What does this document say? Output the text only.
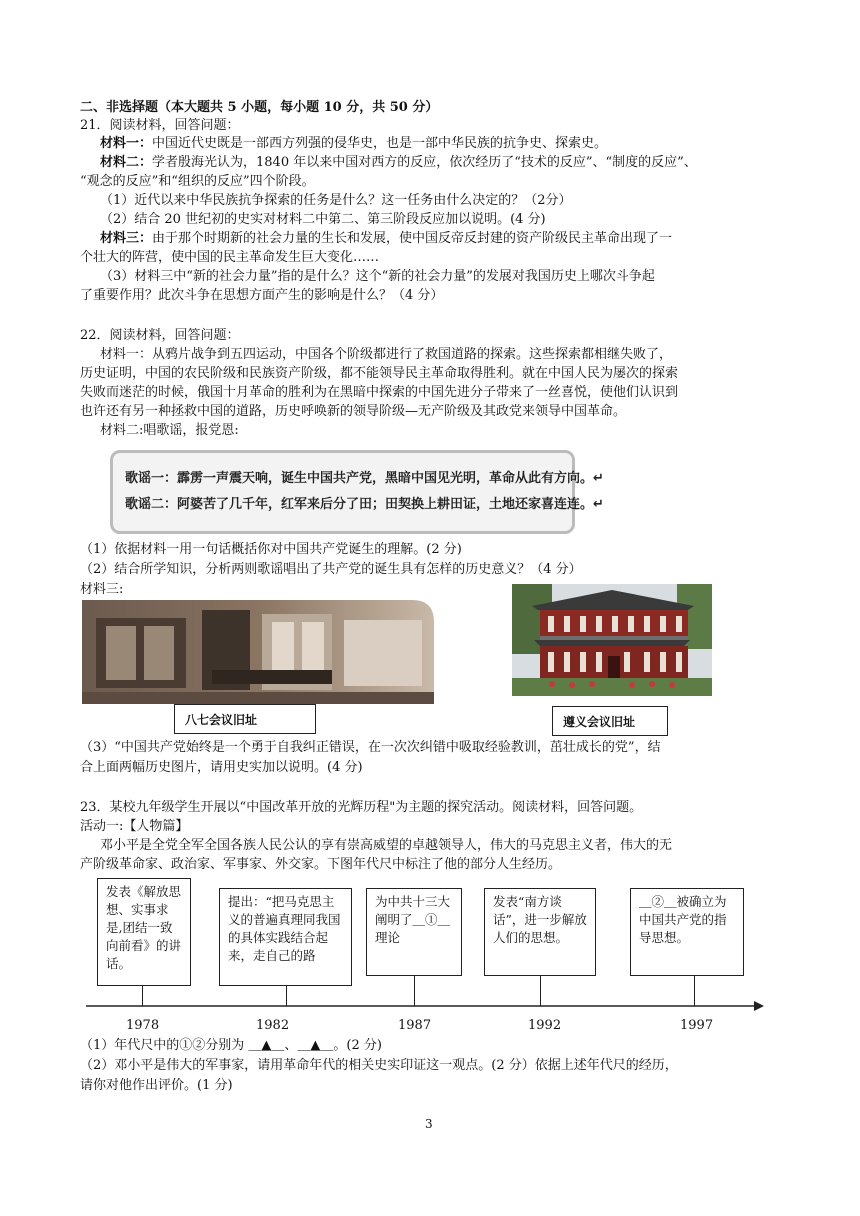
二、非选择题（本大题共 5 小题，每小题 10 分，共 50 分）
21．阅读材料，回答问题：
材料一：中国近代史既是一部西方列强的侵华史，也是一部中华民族的抗争史、探索史。
材料二：学者殷海光认为，1840 年以来中国对西方的反应，依次经历了“技术的反应”、“制度的反应”、
“观念的反应”和“组织的反应”四个阶段。
（1）近代以来中华民族抗争探索的任务是什么？这一任务由什么决定的？（2分）
（2）结合 20 世纪初的史实对材料二中第二、第三阶段反应加以说明。(4 分)
材料三：由于那个时期新的社会力量的生长和发展，使中国反帝反封建的资产阶级民主革命出现了一
个壮大的阵营，使中国的民主革命发生巨大变化……
（3）材料三中“新的社会力量”指的是什么？这个“新的社会力量”的发展对我国历史上哪次斗争起
了重要作用？此次斗争在思想方面产生的影响是什么？（4 分）
22．阅读材料，回答问题：
材料一：从鸦片战争到五四运动，中国各个阶级都进行了救国道路的探索。这些探索都相继失败了，
历史证明，中国的农民阶级和民族资产阶级，都不能领导民主革命取得胜利。就在中国人民为屡次的探索
失败而迷茫的时候，俄国十月革命的胜利为在黑暗中探索的中国先进分子带来了一丝喜悦，使他们认识到
也许还有另一种拯救中国的道路，历史呼唤新的领导阶级—无产阶级及其政党来领导中国革命。
材料二:唱歌谣，报党恩:
歌谣一：霹雳一声震天响，诞生中国共产党，黑暗中国见光明，革命从此有方向。↵
歌谣二：阿婆苦了几千年，红军来后分了田；田契换上耕田证，土地还家喜连连。↵
（1）依据材料一用一句话概括你对中国共产党诞生的理解。(2 分)
（2）结合所学知识，分析两则歌谣唱出了共产党的诞生具有怎样的历史意义？（4 分）
材料三:
八七会议旧址	遵义会议旧址
（3）“中国共产党始终是一个勇于自我纠正错误，在一次次纠错中吸取经验教训，茁壮成长的党”，结
合上面两幅历史图片，请用史实加以说明。(4 分)
23．某校九年级学生开展以“中国改革开放的光辉历程"为主题的探究活动。阅读材料，回答问题。
活动一:【人物篇】
邓小平是全党全军全国各族人民公认的享有崇高威望的卓越领导人，伟大的马克思主义者，伟大的无
产阶级革命家、政治家、军事家、外交家。下图年代尺中标注了他的部分人生经历。
发表《解放思想、实事求是,团结一致向前看》的讲话。
提出：“把马克思主义的普遍真理同我国的具体实践结合起来，走自己的路
为中共十三大阐明了＿①＿理论
发表“南方谈话”，进一步解放人们的思想。
＿②＿被确立为中国共产党的指导思想。
1978	1982	1987	1992	1997
（1）年代尺中的①②分别为 ＿▲＿、＿▲＿。(2 分)
（2）邓小平是伟大的军事家，请用革命年代的相关史实印证这一观点。(2 分）依据上述年代尺的经历，
请你对他作出评价。(1 分)
3
